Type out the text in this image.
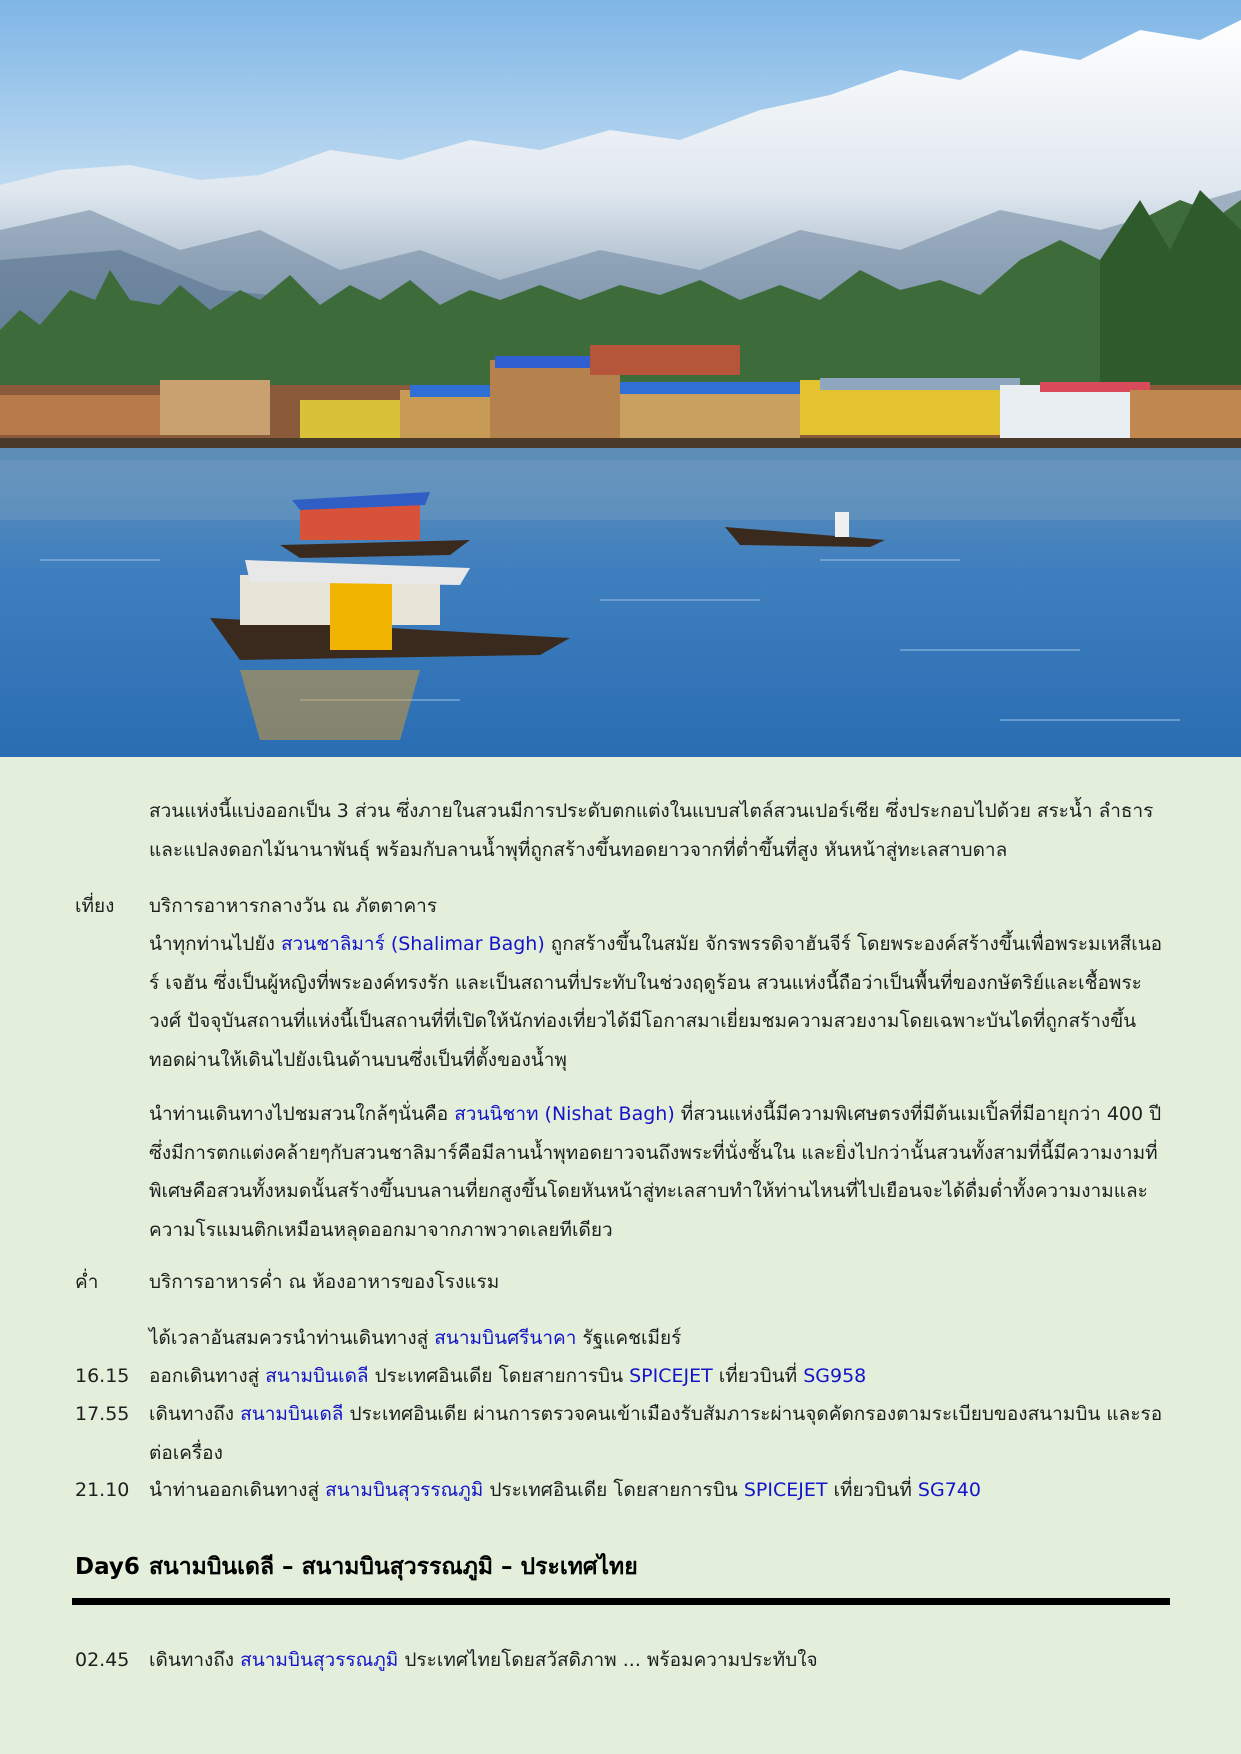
สวนแห่งนี้แบ่งออกเป็น 3 ส่วน ซึ่งภายในสวนมีการประดับตกแต่งในแบบสไตล์สวนเปอร์เซีย ซึ่งประกอบไปด้วย สระน้ำ ลำธาร และแปลงดอกไม้นานาพันธุ์ พร้อมกับลานน้ำพุที่ถูกสร้างขึ้นทอดยาวจากที่ต่ำขึ้นที่สูง หันหน้าสู่ทะเลสาบดาล
เที่ยง	บริการอาหารกลางวัน ณ ภัตตาคาร
นำทุกท่านไปยัง สวนชาลิมาร์ (Shalimar Bagh) ถูกสร้างขึ้นในสมัย จักรพรรดิจาฮันจีร์ โดยพระองค์สร้างขึ้นเพื่อพระมเหสีเนอร์ เจฮัน ซึ่งเป็นผู้หญิงที่พระองค์ทรงรัก และเป็นสถานที่ประทับในช่วงฤดูร้อน สวนแห่งนี้ถือว่าเป็นพื้นที่ของกษัตริย์และเชื้อพระวงศ์ ปัจจุบันสถานที่แห่งนี้เป็นสถานที่ที่เปิดให้นักท่องเที่ยวได้มีโอกาสมาเยี่ยมชมความสวยงามโดยเฉพาะบันไดที่ถูกสร้างขึ้นทอดผ่านให้เดินไปยังเนินด้านบนซึ่งเป็นที่ตั้งของน้ำพุ
นำท่านเดินทางไปชมสวนใกล้ๆนั่นคือ สวนนิชาท (Nishat Bagh) ที่สวนแห่งนี้มีความพิเศษตรงที่มีต้นเมเปิ้ลที่มีอายุกว่า 400 ปี ซึ่งมีการตกแต่งคล้ายๆกับสวนชาลิมาร์คือมีลานน้ำพุทอดยาวจนถึงพระที่นั่งชั้นใน และยิ่งไปกว่านั้นสวนทั้งสามที่นี้มีความงามที่พิเศษคือสวนทั้งหมดนั้นสร้างขึ้นบนลานที่ยกสูงขึ้นโดยหันหน้าสู่ทะเลสาบทำให้ท่านไหนที่ไปเยือนจะได้ดื่มด่ำทั้งความงามและความโรแมนติกเหมือนหลุดออกมาจากภาพวาดเลยทีเดียว
ค่ำ	บริการอาหารค่ำ ณ ห้องอาหารของโรงแรม
ได้เวลาอันสมควรนำท่านเดินทางสู่ สนามบินศรีนาคา รัฐแคชเมียร์
16.15	ออกเดินทางสู่ สนามบินเดลี ประเทศอินเดีย โดยสายการบิน SPICEJET เที่ยวบินที่ SG958
17.55	เดินทางถึง สนามบินเดลี ประเทศอินเดีย ผ่านการตรวจคนเข้าเมืองรับสัมภาระผ่านจุดคัดกรองตามระเบียบของสนามบิน และรอต่อเครื่อง
21.10	นำท่านออกเดินทางสู่ สนามบินสุวรรณภูมิ ประเทศอินเดีย โดยสายการบิน SPICEJET เที่ยวบินที่ SG740
Day6 สนามบินเดลี – สนามบินสุวรรณภูมิ – ประเทศไทย
02.45	เดินทางถึง สนามบินสุวรรณภูมิ ประเทศไทยโดยสวัสดิภาพ ... พร้อมความประทับใจ
